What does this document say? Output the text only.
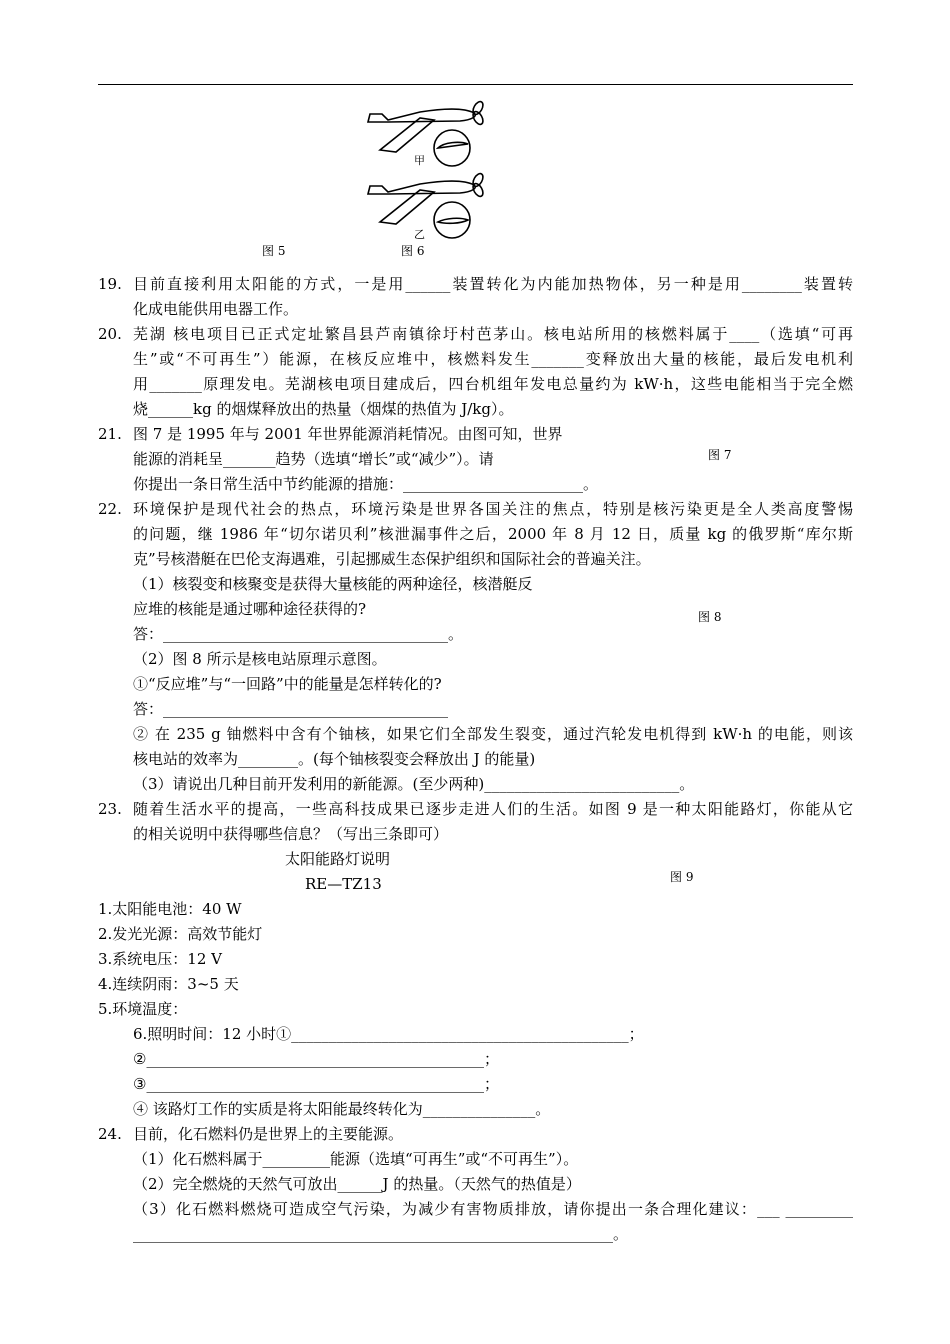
甲
乙
图 5	图 6
19. 目前直接利用太阳能的方式，一是用______装置转化为内能加热物体，另一种是用________装置转
化成电能供用电器工作。
20. 芜湖 核电项目已正式定址繁昌县芦南镇徐圩村芭茅山。核电站所用的核燃料属于____（选填“可再
生”或“不可再生”）能源，在核反应堆中，核燃料发生_______变释放出大量的核能，最后发电机利
用_______原理发电。芜湖核电项目建成后，四台机组年发电总量约为 kW·h，这些电能相当于完全燃
烧______kg 的烟煤释放出的热量（烟煤的热值为 J/kg）。
21. 图 7 是 1995 年与 2001 年世界能源消耗情况。由图可知，世界
图 7
能源的消耗呈_______趋势（选填“增长”或“减少”）。请
你提出一条日常生活中节约能源的措施：________________________。
22. 环境保护是现代社会的热点，环境污染是世界各国关注的焦点，特别是核污染更是全人类高度警惕
的问题，继 1986 年“切尔诺贝利”核泄漏事件之后，2000 年 8 月 12 日，质量 kg 的俄罗斯“库尔斯
克”号核潜艇在巴伦支海遇难，引起挪威生态保护组织和国际社会的普遍关注。
（1）核裂变和核聚变是获得大量核能的两种途径，核潜艇反
应堆的核能是通过哪种途径获得的?	图 8
答：______________________________________。
（2）图 8 所示是核电站原理示意图。
①“反应堆”与“一回路”中的能量是怎样转化的?
答：______________________________________
② 在 235 g 铀燃料中含有个铀核，如果它们全部发生裂变，通过汽轮发电机得到 kW·h 的电能，则该
核电站的效率为________。(每个铀核裂变会释放出 J 的能量)
（3）请说出几种目前开发利用的新能源。(至少两种)__________________________。
23. 随着生活水平的提高，一些高科技成果已逐步走进人们的生活。如图 9 是一种太阳能路灯，你能从它
的相关说明中获得哪些信息？（写出三条即可）
太阳能路灯说明
图 9
RE—TZ13
1.太阳能电池：40 W
2.发光光源：高效节能灯
3.系统电压：12 V
4.连续阴雨：3~5 天
5.环境温度：
6.照明时间：12 小时①_____________________________________________；
②_____________________________________________；
③_____________________________________________；
④ 该路灯工作的实质是将太阳能最终转化为_______________。
24. 目前，化石燃料仍是世界上的主要能源。
（1）化石燃料属于_________能源（选填“可再生”或“不可再生”）。
（2）完全燃烧的天然气可放出______J 的热量。（天然气的热值是）
（3）化石燃料燃烧可造成空气污染，为减少有害物质排放，请你提出一条合理化建议：___ _________
________________________________________________________________。
